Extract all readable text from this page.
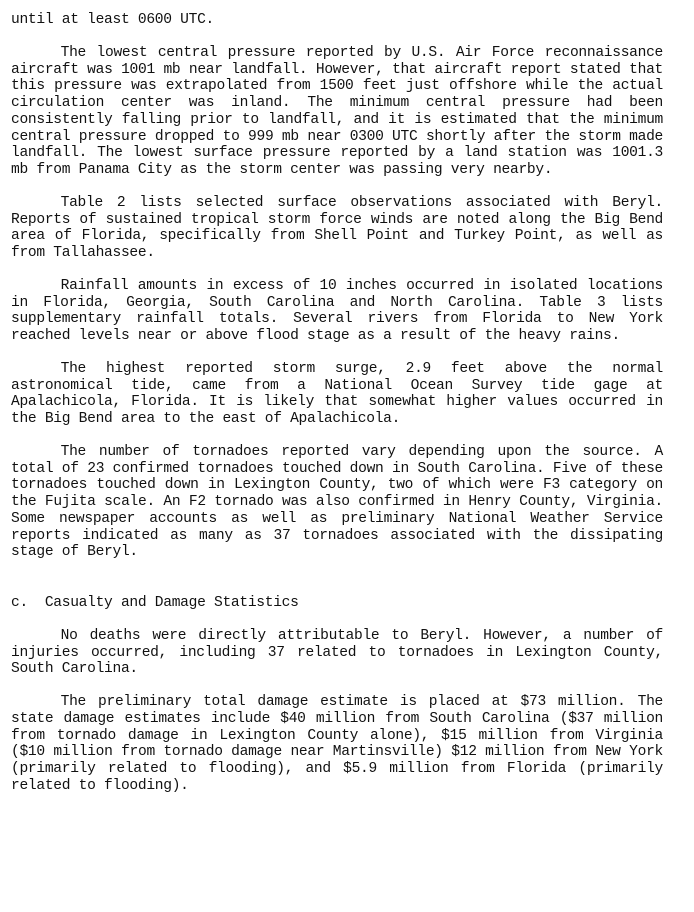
until at least 0600 UTC.

The lowest central pressure reported by U.S. Air Force reconnaissance aircraft was 1001 mb near landfall. However, that aircraft report stated that this pressure was extrapolated from 1500 feet just offshore while the actual circulation center was inland. The minimum central pressure had been consistently falling prior to landfall, and it is estimated that the minimum central pressure dropped to 999 mb near 0300 UTC shortly after the storm made landfall. The lowest surface pressure reported by a land station was 1001.3 mb from Panama City as the storm center was passing very nearby.

Table 2 lists selected surface observations associated with Beryl. Reports of sustained tropical storm force winds are noted along the Big Bend area of Florida, specifically from Shell Point and Turkey Point, as well as from Tallahassee.

Rainfall amounts in excess of 10 inches occurred in isolated locations in Florida, Georgia, South Carolina and North Carolina. Table 3 lists supplementary rainfall totals. Several rivers from Florida to New York reached levels near or above flood stage as a result of the heavy rains.

The highest reported storm surge, 2.9 feet above the normal astronomical tide, came from a National Ocean Survey tide gage at Apalachicola, Florida. It is likely that somewhat higher values occurred in the Big Bend area to the east of Apalachicola.

The number of tornadoes reported vary depending upon the source. A total of 23 confirmed tornadoes touched down in South Carolina. Five of these tornadoes touched down in Lexington County, two of which were F3 category on the Fujita scale. An F2 tornado was also confirmed in Henry County, Virginia. Some newspaper accounts as well as preliminary National Weather Service reports indicated as many as 37 tornadoes associated with the dissipating stage of Beryl.

c.  Casualty and Damage Statistics

No deaths were directly attributable to Beryl. However, a number of injuries occurred, including 37 related to tornadoes in Lexington County, South Carolina.

The preliminary total damage estimate is placed at $73 million. The state damage estimates include $40 million from South Carolina ($37 million from tornado damage in Lexington County alone), $15 million from Virginia ($10 million from tornado damage near Martinsville) $12 million from New York (primarily related to flooding), and $5.9 million from Florida (primarily related to flooding).
